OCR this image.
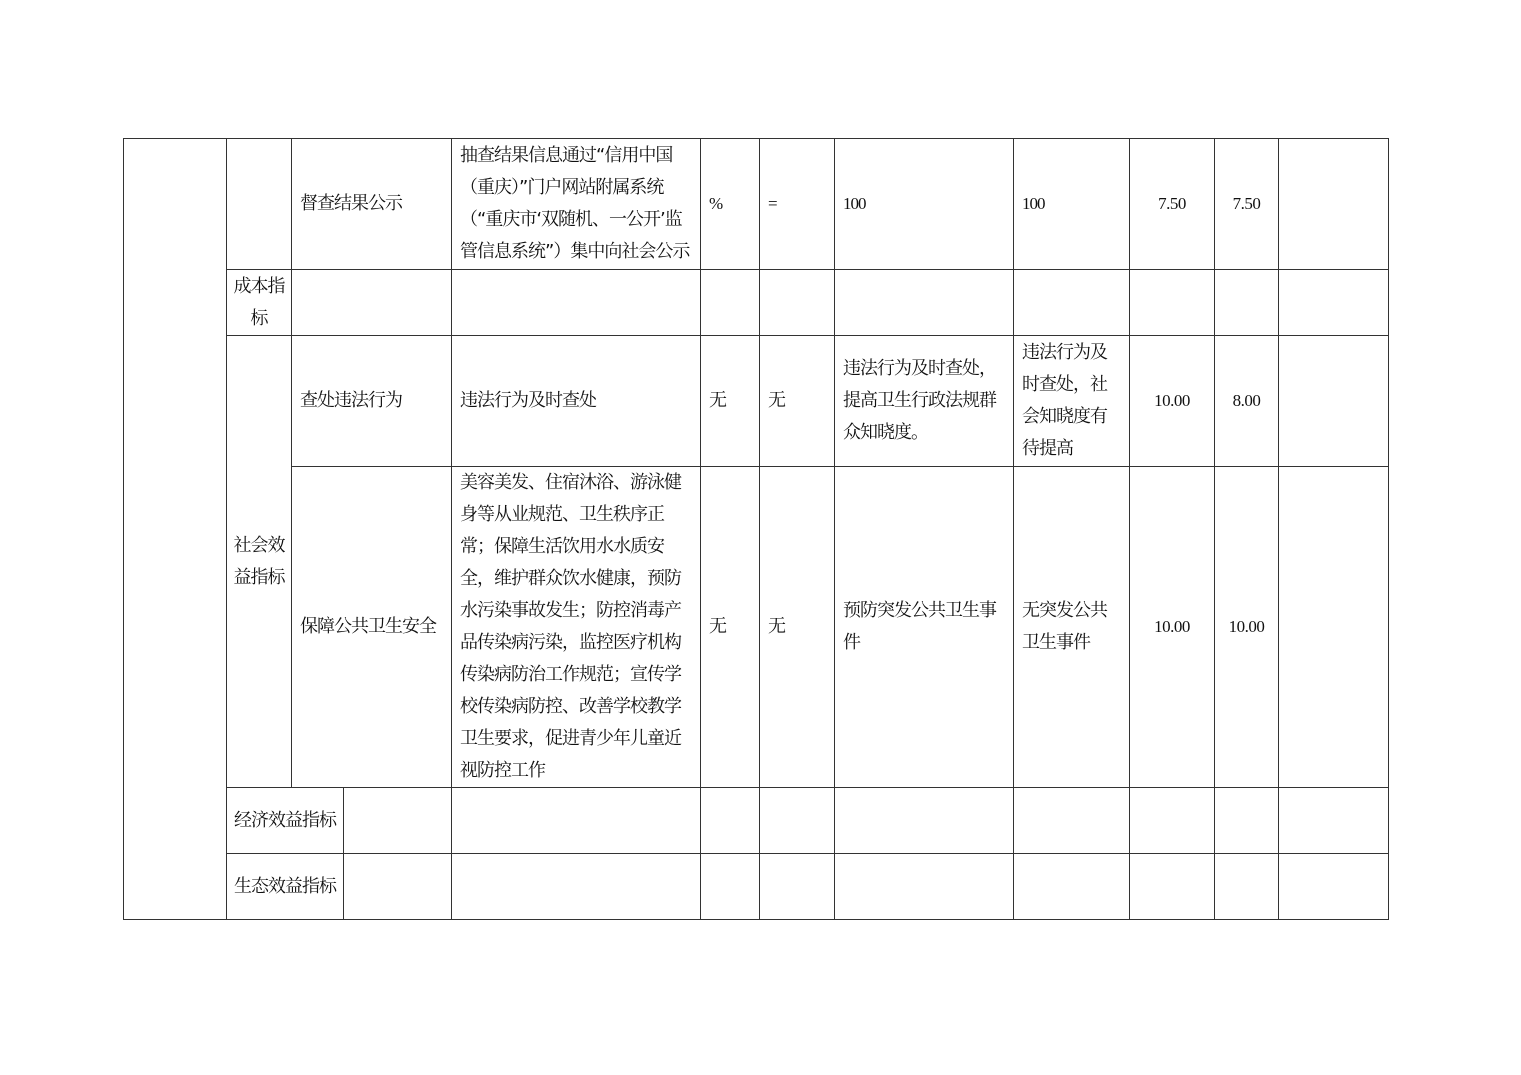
		督查结果公示		抽查结果信息通过“信用中国（重庆）”门户网站附属系统（“重庆市‘双随机、一公开’监管信息系统”）集中向社会公示	%	=	100	100	7.50	7.50	
	成本指标										
	社会效益指标	查处违法行为		违法行为及时查处	无	无	违法行为及时查处，提高卫生行政法规群众知晓度。	违法行为及时查处，社会知晓度有待提高	10.00	8.00	
		保障公共卫生安全		美容美发、住宿沐浴、游泳健身等从业规范、卫生秩序正常；保障生活饮用水水质安全，维护群众饮水健康，预防水污染事故发生；防控消毒产品传染病污染，监控医疗机构传染病防治工作规范；宣传学校传染病防控、改善学校教学卫生要求，促进青少年儿童近视防控工作	无	无	预防突发公共卫生事件	无突发公共卫生事件	10.00	10.00	
	经济效益指标										
	生态效益指标										
